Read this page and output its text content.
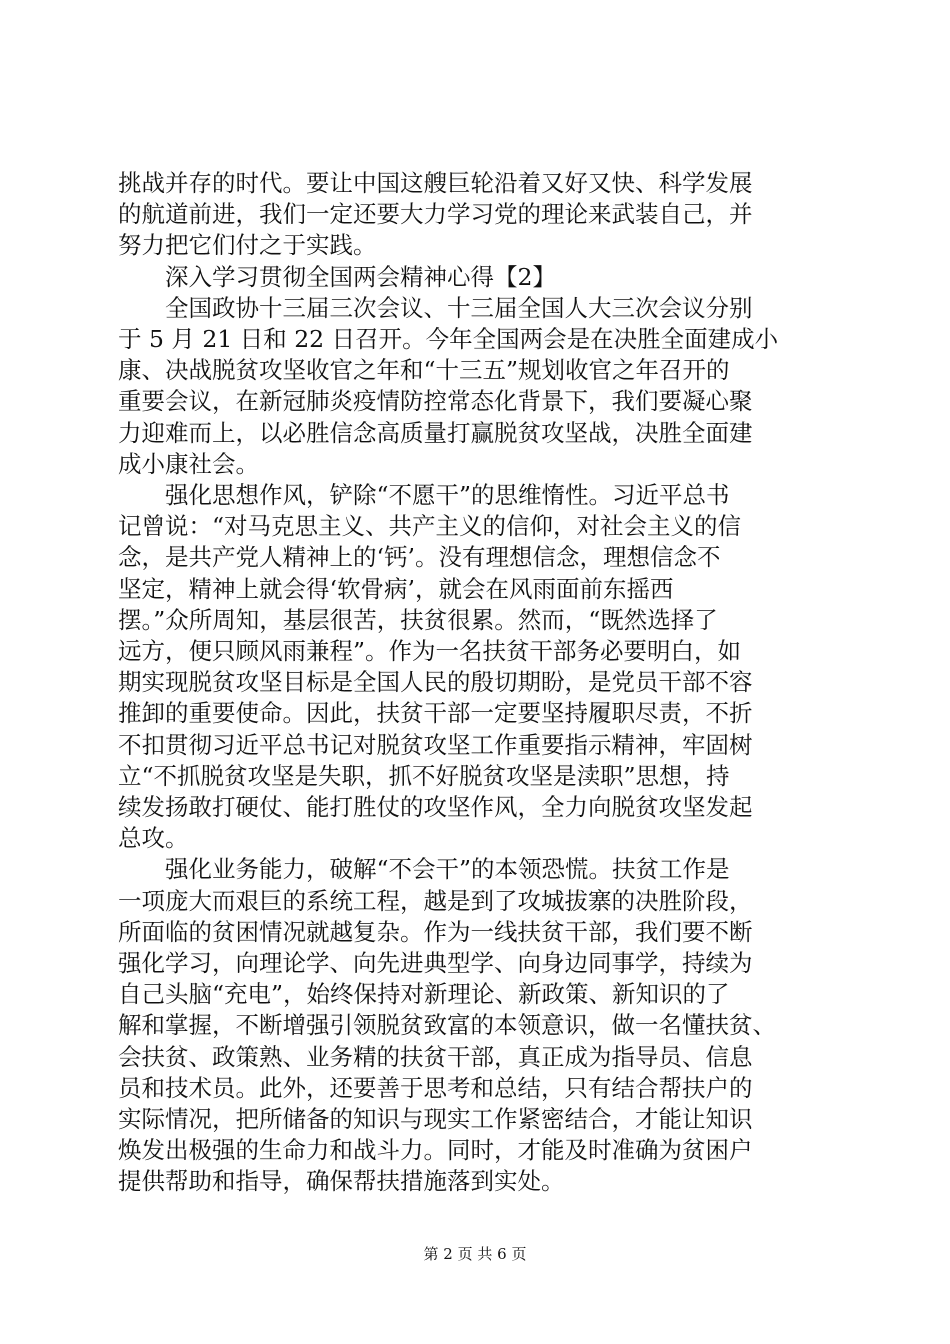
挑战并存的时代。要让中国这艘巨轮沿着又好又快、科学发展
的航道前进，我们一定还要大力学习党的理论来武装自己，并
努力把它们付之于实践。
　　深入学习贯彻全国两会精神心得【2】
　　全国政协十三届三次会议、十三届全国人大三次会议分别
于 5 月 21 日和 22 日召开。今年全国两会是在决胜全面建成小
康、决战脱贫攻坚收官之年和“十三五”规划收官之年召开的
重要会议，在新冠肺炎疫情防控常态化背景下，我们要凝心聚
力迎难而上，以必胜信念高质量打赢脱贫攻坚战，决胜全面建
成小康社会。
　　强化思想作风，铲除“不愿干”的思维惰性。习近平总书
记曾说：“对马克思主义、共产主义的信仰，对社会主义的信
念，是共产党人精神上的‘钙’。没有理想信念，理想信念不
坚定，精神上就会得‘软骨病’，就会在风雨面前东摇西
摆。”众所周知，基层很苦，扶贫很累。然而，“既然选择了
远方，便只顾风雨兼程”。作为一名扶贫干部务必要明白，如
期实现脱贫攻坚目标是全国人民的殷切期盼，是党员干部不容
推卸的重要使命。因此，扶贫干部一定要坚持履职尽责，不折
不扣贯彻习近平总书记对脱贫攻坚工作重要指示精神，牢固树
立“不抓脱贫攻坚是失职，抓不好脱贫攻坚是渎职”思想，持
续发扬敢打硬仗、能打胜仗的攻坚作风，全力向脱贫攻坚发起
总攻。
　　强化业务能力，破解“不会干”的本领恐慌。扶贫工作是
一项庞大而艰巨的系统工程，越是到了攻城拔寨的决胜阶段，
所面临的贫困情况就越复杂。作为一线扶贫干部，我们要不断
强化学习，向理论学、向先进典型学、向身边同事学，持续为
自己头脑“充电”，始终保持对新理论、新政策、新知识的了
解和掌握，不断增强引领脱贫致富的本领意识，做一名懂扶贫、
会扶贫、政策熟、业务精的扶贫干部，真正成为指导员、信息
员和技术员。此外，还要善于思考和总结，只有结合帮扶户的
第 2 页 共 6 页
实际情况，把所储备的知识与现实工作紧密结合，才能让知识
焕发出极强的生命力和战斗力。同时，才能及时准确为贫困户
提供帮助和指导，确保帮扶措施落到实处。
